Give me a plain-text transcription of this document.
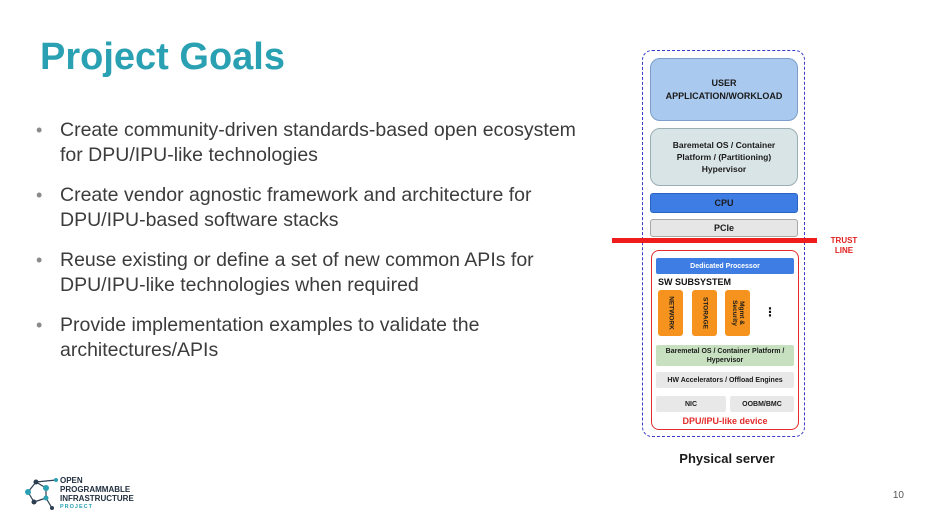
Project Goals
• Create community-driven standards-based open ecosystem for DPU/IPU-like technologies
• Create vendor agnostic framework and architecture for DPU/IPU-based software stacks
• Reuse existing or define a set of new common APIs for DPU/IPU-like technologies when required
• Provide implementation examples to validate the architectures/APIs
USER APPLICATION/WORKLOAD
Baremetal OS / Container Platform / (Partitioning) Hypervisor
CPU
PCIe
TRUST LINE
Dedicated Processor
SW SUBSYSTEM
NETWORK	STORAGE	Mgmt & Security	⋮
Baremetal OS / Container Platform / Hypervisor
HW Accelerators / Offload Engines
NIC	OOBM/BMC
DPU/IPU-like device
Physical server
OPEN
PROGRAMMABLE
INFRASTRUCTURE
PROJECT
10
